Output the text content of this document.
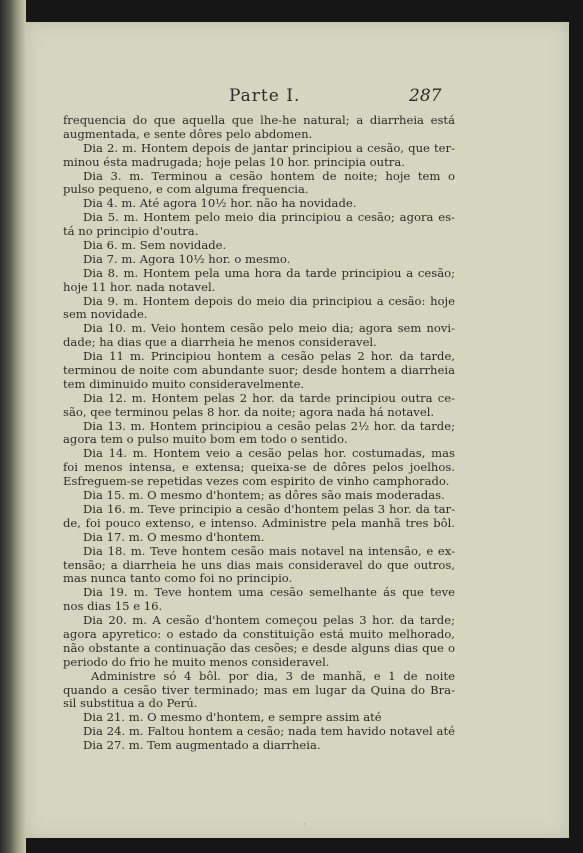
Parte I.	287
frequencia do que aquella que lhe-he natural; a diarrheia está
augmentada, e sente dôres pelo abdomen.
Dia 2. m. Hontem depois de jantar principiou a cesão, que ter-
minou ésta madrugada; hoje pelas 10 hor. principia outra.
Dia 3. m. Terminou a cesão hontem de noite; hoje tem o
pulso pequeno, e com alguma frequencia.
Dia 4. m. Até agora 10½ hor. não ha novidade.
Dia 5. m. Hontem pelo meio dia principiou a cesão; agora es-
tá no principio d'outra.
Dia 6. m. Sem novidade.
Dia 7. m. Agora 10½ hor. o mesmo.
Dia 8. m. Hontem pela uma hora da tarde principiou a cesão;
hoje 11 hor. nada notavel.
Dia 9. m. Hontem depois do meio dia principiou a cesão: hoje
sem novidade.
Dia 10. m. Veio hontem cesão pelo meio dia; agora sem novi-
dade; ha dias que a diarrheia he menos consideravel.
Dia 11 m. Principiou hontem a cesão pelas 2 hor. da tarde,
terminou de noite com abundante suor; desde hontem a diarrheia
tem diminuido muito consideravelmente.
Dia 12. m. Hontem pelas 2 hor. da tarde principiou outra ce-
são, qee terminou pelas 8 hor. da noite; agora nada há notavel.
Dia 13. m. Hontem principiou a cesão pelas 2½ hor. da tarde;
agora tem o pulso muito bom em todo o sentido.
Dia 14. m. Hontem veio a cesão pelas hor. costumadas, mas
foi menos intensa, e extensa; queixa-se de dôres pelos joelhos.
Esfreguem-se repetidas vezes com espirito de vinho camphorado.
Dia 15. m. O mesmo d'hontem; as dôres são mais moderadas.
Dia 16. m. Teve principio a cesão d'hontem pelas 3 hor. da tar-
de, foi pouco extenso, e intenso. Administre pela manhã tres bôl.
Dia 17. m. O mesmo d'hontem.
Dia 18. m. Teve hontem cesão mais notavel na intensão, e ex-
tensão; a diarrheia he uns dias mais consideravel do que outros,
mas nunca tanto como foi no principio.
Dia 19. m. Teve hontem uma cesão semelhante ás que teve
nos dias 15 e 16.
Dia 20. m. A cesão d'hontem começou pelas 3 hor. da tarde;
agora apyretico: o estado da constituição está muito melhorado,
não obstante a continuação das cesões; e desde alguns dias que o
periodo do frio he muito menos consideravel.
Administre só 4 bôl. por dia, 3 de manhã, e 1 de noite
quando a cesão tiver terminado; mas em lugar da Quina do Bra-
sil substitua a do Perú.
Dia 21. m. O mesmo d'hontem, e sempre assim até
Dia 24. m. Faltou hontem a cesão; nada tem havido notavel até
Dia 27. m. Tem augmentado a diarrheia.
·
